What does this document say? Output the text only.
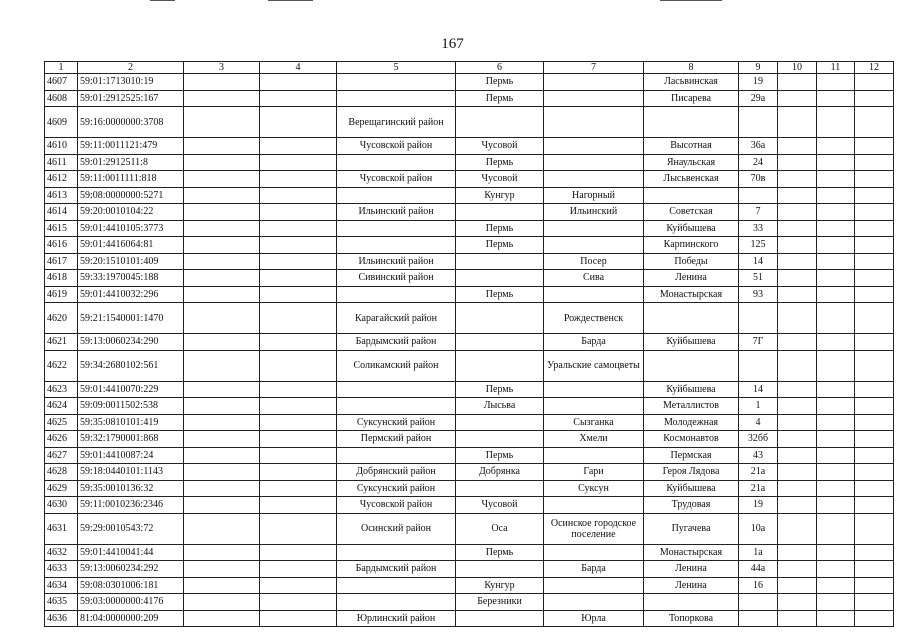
167
1	2	3	4	5	6	7	8	9	10	11	12
4607	59:01:1713010:19				Пермь		Ласьвинская	19			
4608	59:01:2912525:167				Пермь		Писарева	29а			
4609	59:16:0000000:3708			Верещагинский район							
4610	59:11:0011121:479			Чусовской район	Чусовой		Высотная	36а			
4611	59:01:2912511:8				Пермь		Янаульская	24			
4612	59:11:0011111:818			Чусовской район	Чусовой		Лысьвенская	70в			
4613	59:08:0000000:5271				Кунгур	Нагорный					
4614	59:20:0010104:22			Ильинский район		Ильинский	Советская	7			
4615	59:01:4410105:3773				Пермь		Куйбышева	33			
4616	59:01:4416064:81				Пермь		Карпинского	125			
4617	59:20:1510101:409			Ильинский район		Посер	Победы	14			
4618	59:33:1970045:188			Сивинский район		Сива	Ленина	51			
4619	59:01:4410032:296				Пермь		Монастырская	93			
4620	59:21:1540001:1470			Карагайский район		Рождественск					
4621	59:13:0060234:290			Бардымский район		Барда	Куйбышева	7Г			
4622	59:34:2680102:561			Соликамский район		Уральские самоцветы					
4623	59:01:4410070:229				Пермь		Куйбышева	14			
4624	59:09:0011502:538				Лысьва		Металлистов	1			
4625	59:35:0810101:419			Суксунский район		Сызганка	Молодежная	4			
4626	59:32:1790001:868			Пермский район		Хмели	Космонавтов	32бб			
4627	59:01:4410087:24				Пермь		Пермская	43			
4628	59:18:0440101:1143			Добрянский район	Добрянка	Гари	Героя Лядова	21а			
4629	59:35:0010136:32			Суксунский район		Суксун	Куйбышева	21а			
4630	59:11:0010236:2346			Чусовской район	Чусовой		Трудовая	19			
4631	59:29:0010543:72			Осинский район	Оса	Осинское городское поселение	Пугачева	10а			
4632	59:01:4410041:44				Пермь		Монастырская	1а			
4633	59:13:0060234:292			Бардымский район		Барда	Ленина	44а			
4634	59:08:0301006:181				Кунгур		Ленина	16			
4635	59:03:0000000:4176				Березники						
4636	81:04:0000000:209			Юрлинский район		Юрла	Топоркова				
